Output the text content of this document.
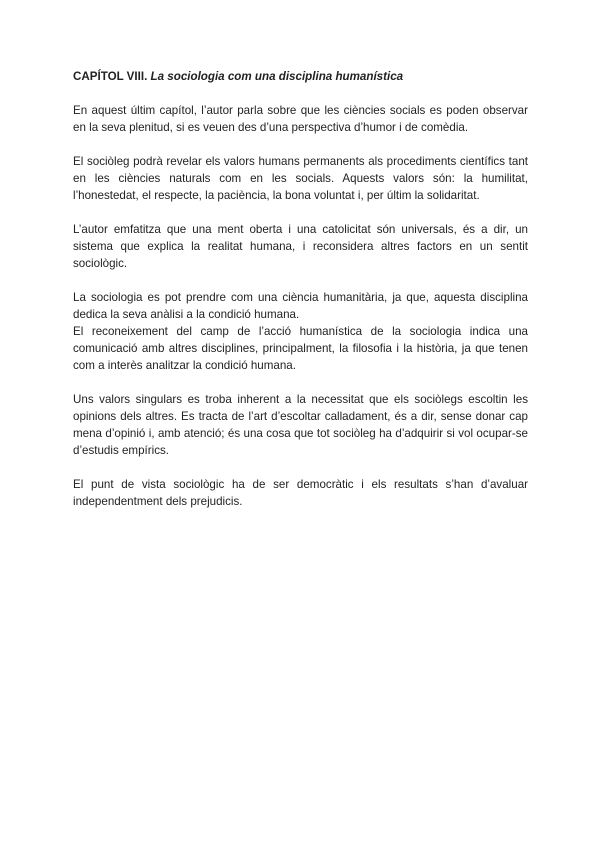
CAPÍTOL VIII. La sociologia com una disciplina humanística

En aquest últim capítol, l’autor parla sobre que les ciències socials es poden observar en la seva plenitud, si es veuen des d’una perspectiva d’humor i de comèdia.

El sociòleg podrà revelar els valors humans permanents als procediments científics tant en les ciències naturals com en les socials. Aquests valors són: la humilitat, l’honestedat, el respecte, la paciència, la bona voluntat i, per últim la solidaritat.

L’autor emfatitza que una ment oberta i una catolicitat són universals, és a dir, un sistema que explica la realitat humana, i reconsidera altres factors en un sentit sociològic.

La sociologia es pot prendre com una ciència humanitària, ja que, aquesta disciplina dedica la seva anàlisi a la condició humana.

El reconeixement del camp de l’acció humanística de la sociologia indica una comunicació amb altres disciplines, principalment, la filosofia i la història, ja que tenen com a interès analitzar la condició humana.

Uns valors singulars es troba inherent a la necessitat que els sociòlegs escoltin les opinions dels altres. Es tracta de l’art d’escoltar calladament, és a dir, sense donar cap mena d’opinió i, amb atenció; és una cosa que tot sociòleg ha d’adquirir si vol ocupar-se d’estudis empírics.

El punt de vista sociològic ha de ser democràtic i els resultats s’han d’avaluar independentment dels prejudicis.
